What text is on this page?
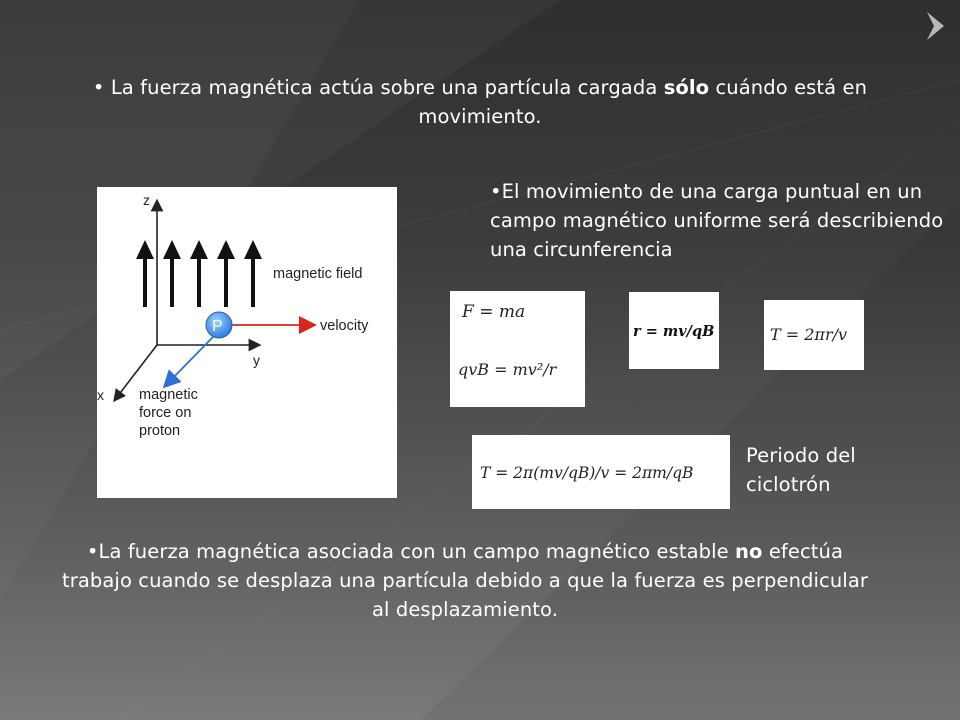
• La fuerza magnética actúa sobre una partícula cargada sólo cuándo está en movimiento.
z
y
x
magnetic field
velocity
P
magnetic
force on
proton
•El movimiento de una carga puntual en un campo magnético uniforme será describiendo una circunferencia
F = ma
qvB = mv²/r
r = mv/qB	T = 2πr/v
T = 2π(mv/qB)/v = 2πm/qB
Periodo del ciclotrón
•La fuerza magnética asociada con un campo magnético estable no efectúa trabajo cuando se desplaza una partícula debido a que la fuerza es perpendicular al desplazamiento.
